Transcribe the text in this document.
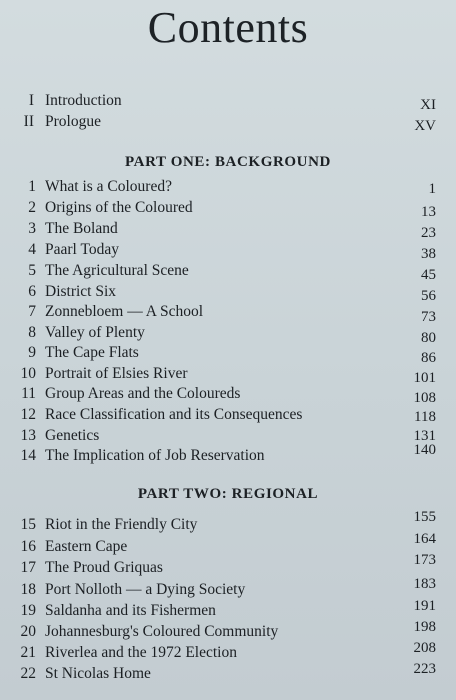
Contents
I Introduction	XI
II Prologue	XV
PART ONE: BACKGROUND
1 What is a Coloured?	1
2 Origins of the Coloured	13
3 The Boland	23
4 Paarl Today	38
5 The Agricultural Scene	45
6 District Six	56
7 Zonnebloem — A School	73
8 Valley of Plenty	80
9 The Cape Flats	86
10 Portrait of Elsies River	101
11 Group Areas and the Coloureds	108
12 Race Classification and its Consequences	118
13 Genetics	131
14 The Implication of Job Reservation	140
PART TWO: REGIONAL
15 Riot in the Friendly City	155
16 Eastern Cape	164
17 The Proud Griquas	173
18 Port Nolloth — a Dying Society	183
19 Saldanha and its Fishermen	191
20 Johannesburg's Coloured Community	198
21 Riverlea and the 1972 Election	208
22 St Nicolas Home	223
